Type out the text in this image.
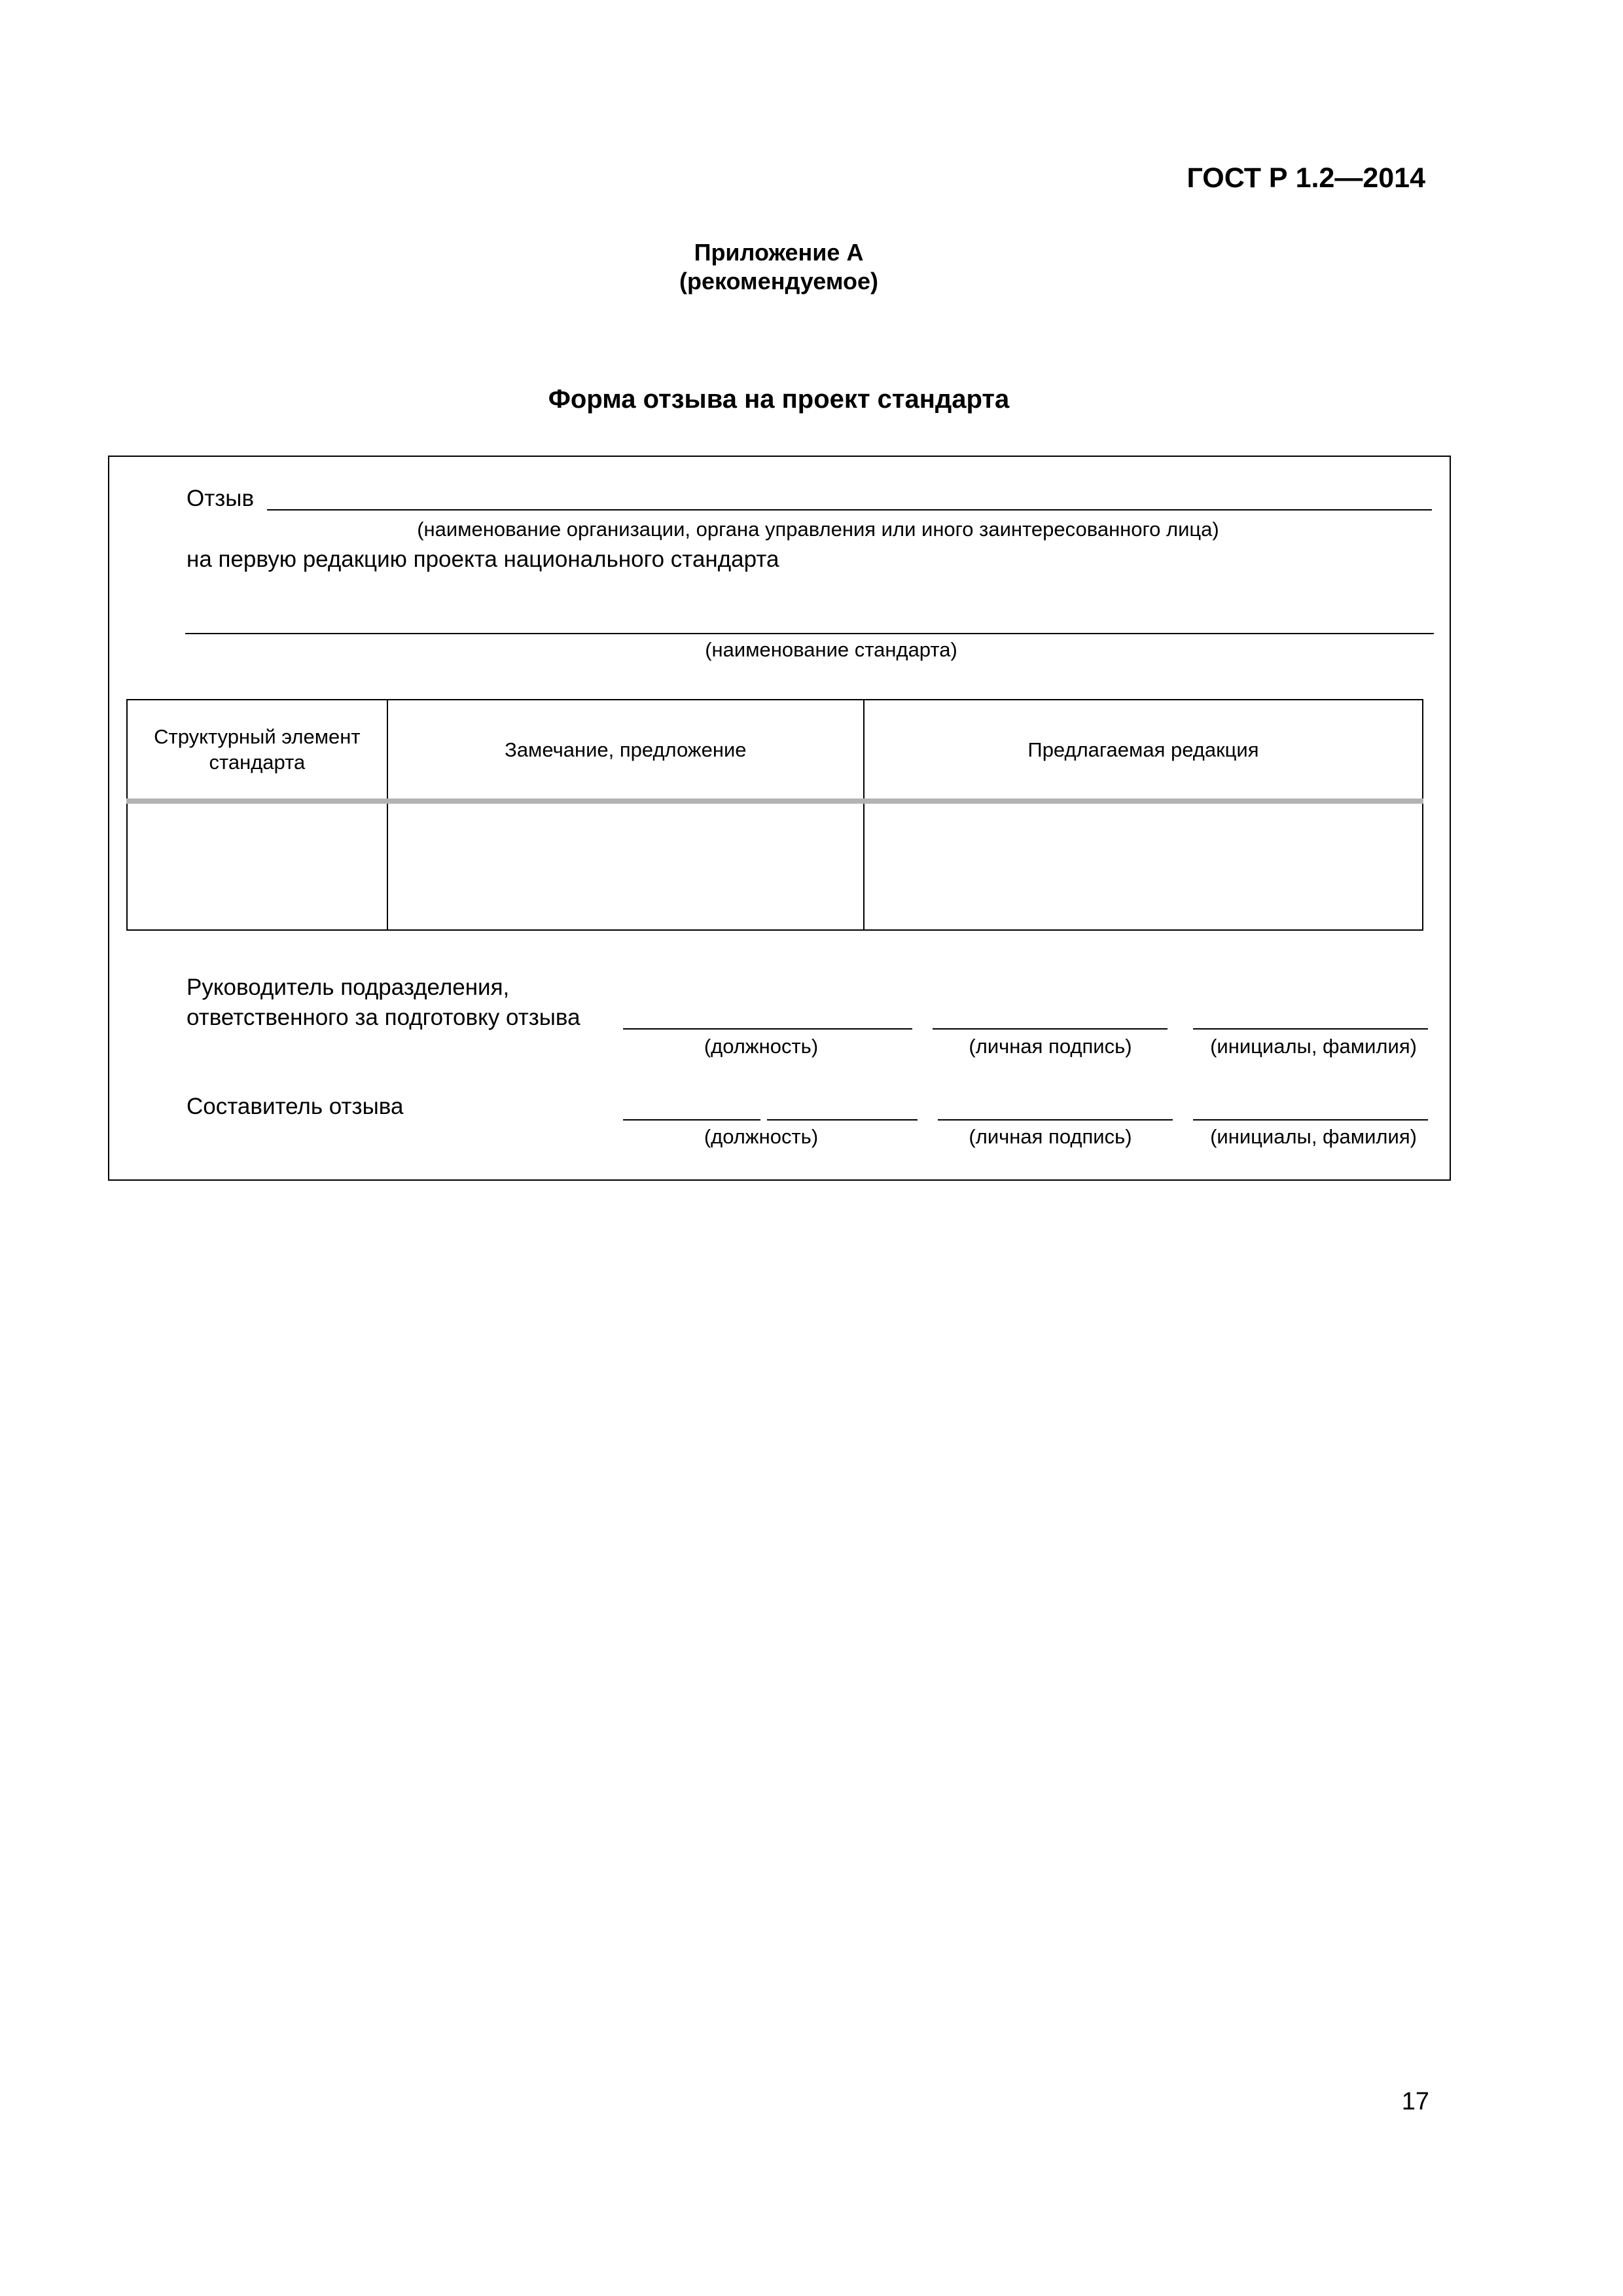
ГОСТ Р 1.2—2014
Приложение А
(рекомендуемое)
Форма отзыва на проект стандарта
Отзыв
(наименование организации, органа управления или иного заинтересованного лица)
на первую редакцию проекта национального стандарта
(наименование стандарта)
Структурный элемент стандарта	Замечание, предложение	Предлагаемая редакция

Руководитель подразделения,
ответственного за подготовку отзыва
(должность)	(личная подпись)	(инициалы, фамилия)
Составитель отзыва
(должность)	(личная подпись)	(инициалы, фамилия)
17
